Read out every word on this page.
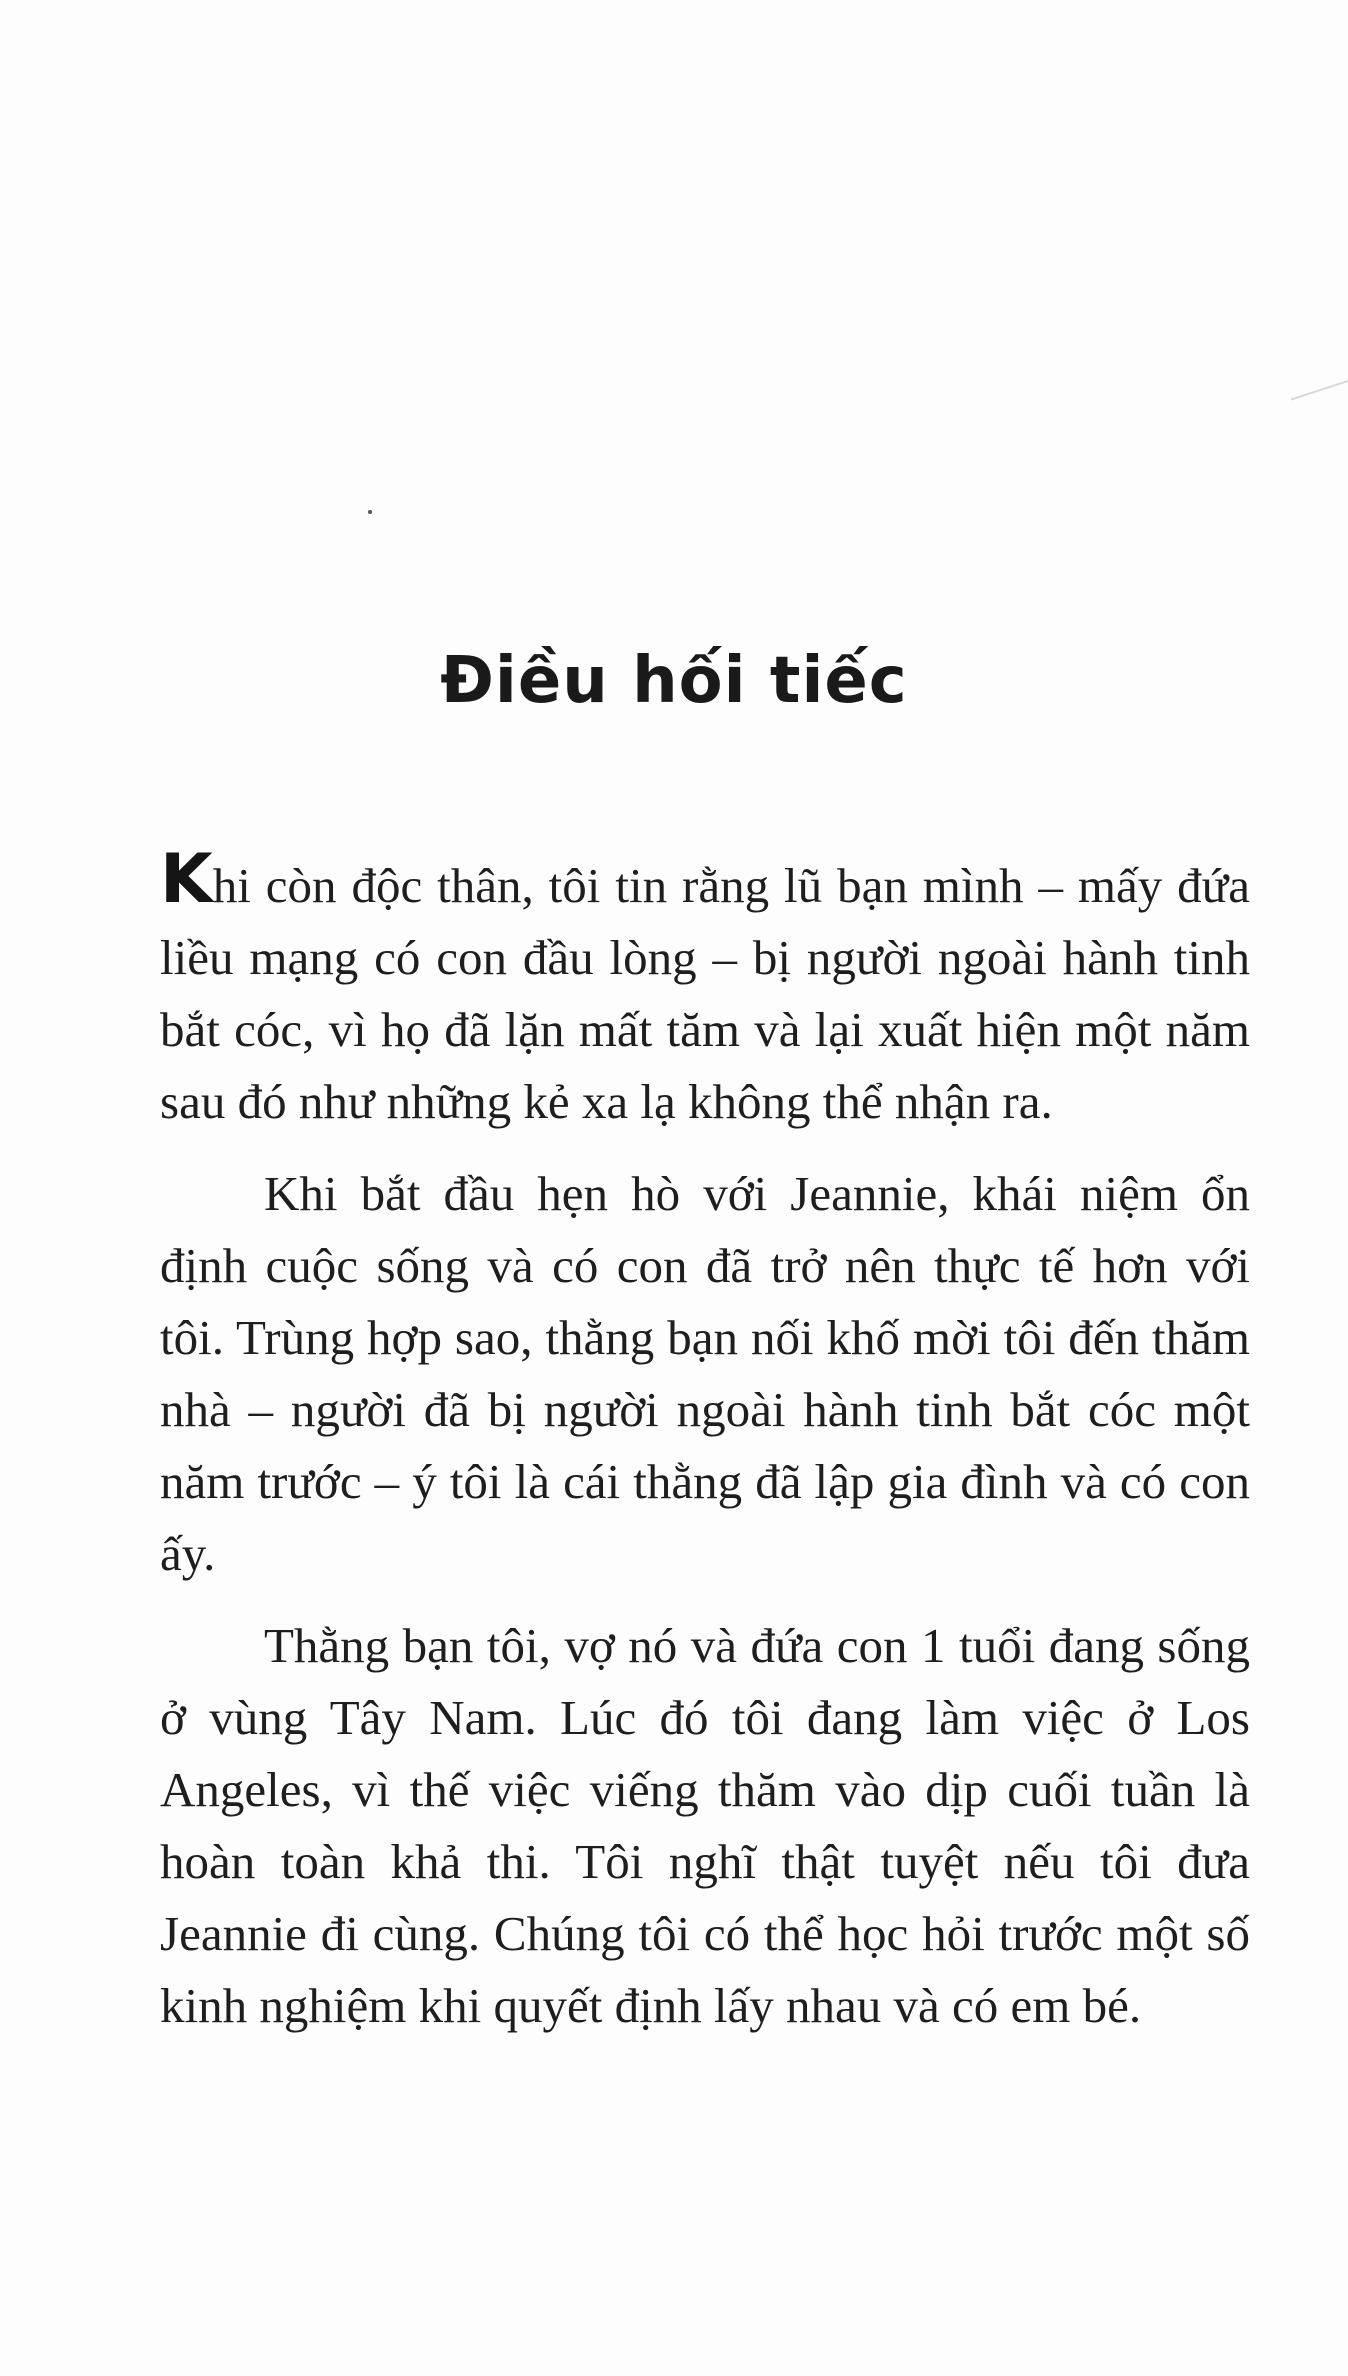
Điều hối tiếc

Khi còn độc thân, tôi tin rằng lũ bạn mình – mấy đứa liều mạng có con đầu lòng – bị người ngoài hành tinh bắt cóc, vì họ đã lặn mất tăm và lại xuất hiện một năm sau đó như những kẻ xa lạ không thể nhận ra.

Khi bắt đầu hẹn hò với Jeannie, khái niệm ổn định cuộc sống và có con đã trở nên thực tế hơn với tôi. Trùng hợp sao, thằng bạn nối khố mời tôi đến thăm nhà – người đã bị người ngoài hành tinh bắt cóc một năm trước – ý tôi là cái thằng đã lập gia đình và có con ấy.

Thằng bạn tôi, vợ nó và đứa con 1 tuổi đang sống ở vùng Tây Nam. Lúc đó tôi đang làm việc ở Los Angeles, vì thế việc viếng thăm vào dịp cuối tuần là hoàn toàn khả thi. Tôi nghĩ thật tuyệt nếu tôi đưa Jeannie đi cùng. Chúng tôi có thể học hỏi trước một số kinh nghiệm khi quyết định lấy nhau và có em bé.
